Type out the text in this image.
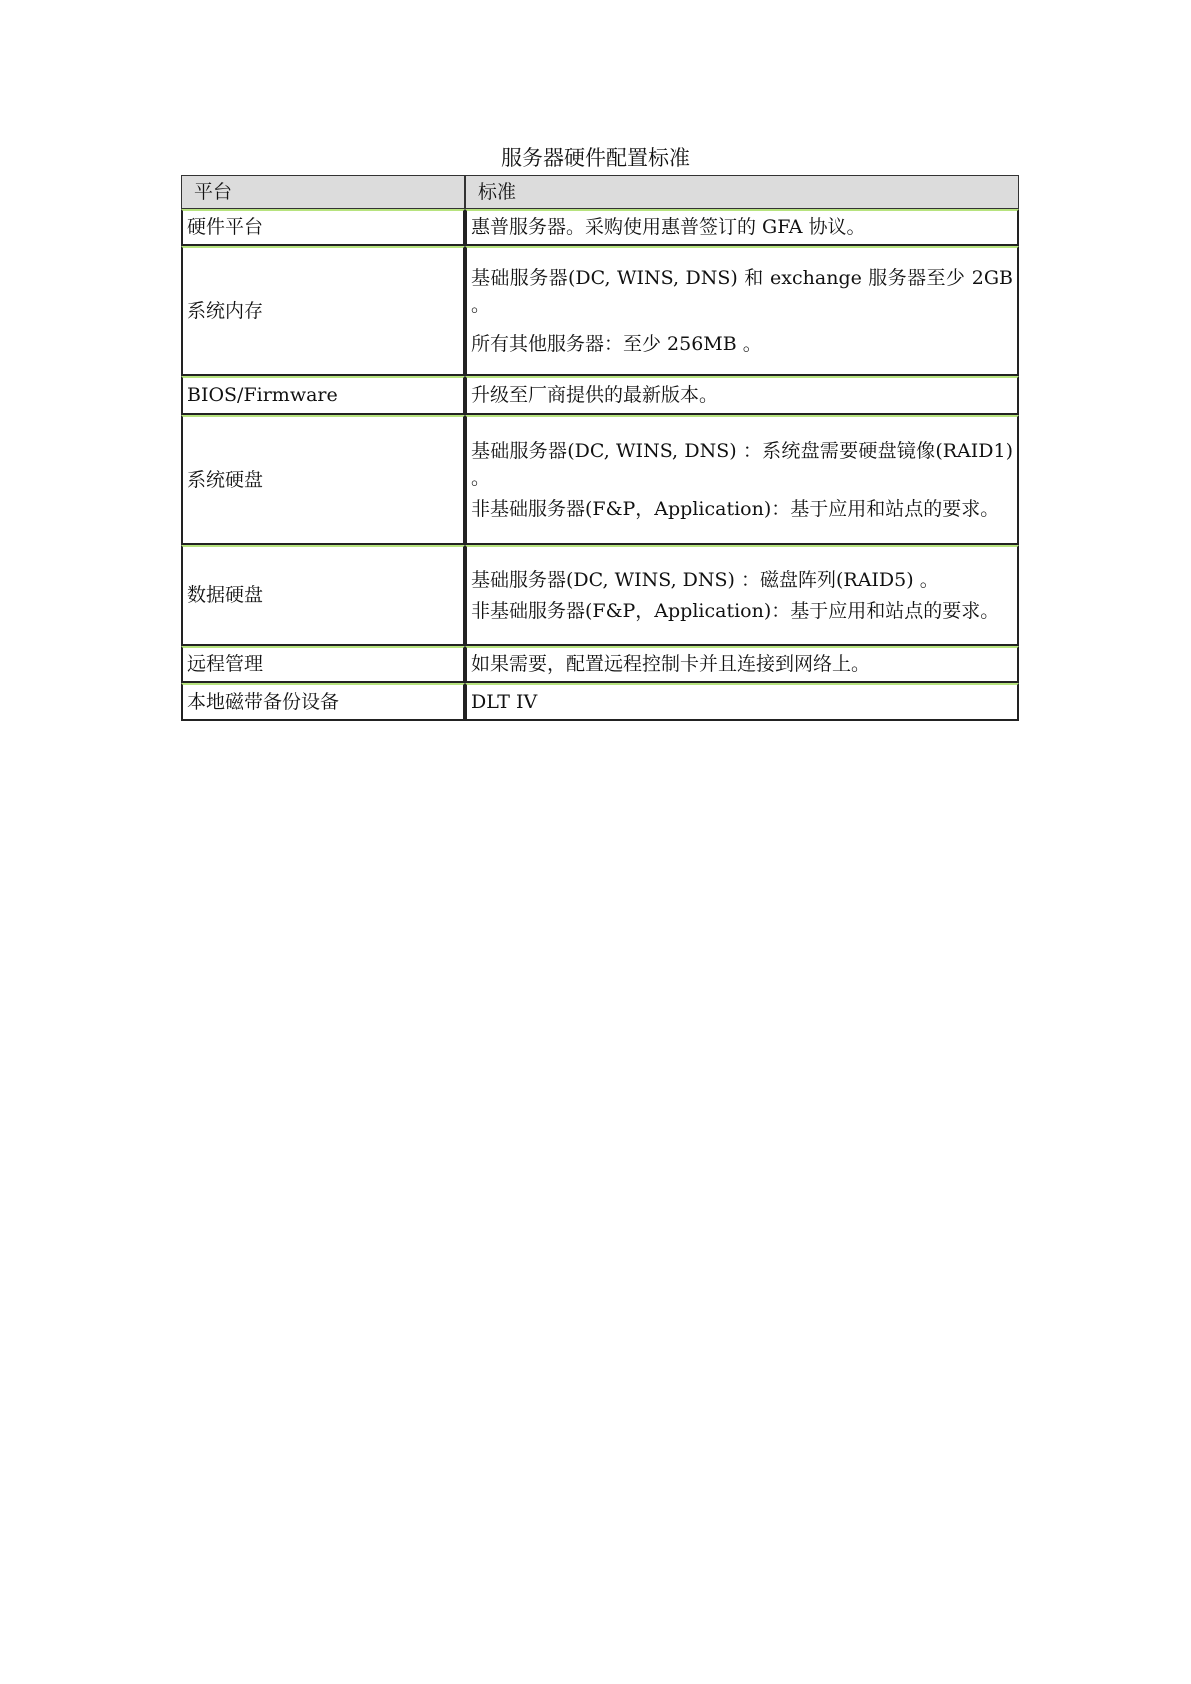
服务器硬件配置标准
平台	标准
硬件平台	惠普服务器。采购使用惠普签订的 GFA 协议。

系统内存	基础服务器(DC, WINS, DNS) 和 exchange 服务器至少 2GB 。

所有其他服务器：至少 256MB 。

BIOS/Firmware	升级至厂商提供的最新版本。

系统硬盘	基础服务器(DC, WINS, DNS) ：系统盘需要硬盘镜像(RAID1) 。

非基础服务器(F&P，Application)：基于应用和站点的要求。

数据硬盘	基础服务器(DC, WINS, DNS) ：磁盘阵列(RAID5) 。

非基础服务器(F&P，Application)：基于应用和站点的要求。

远程管理	如果需要，配置远程控制卡并且连接到网络上。

本地磁带备份设备	DLT IV
